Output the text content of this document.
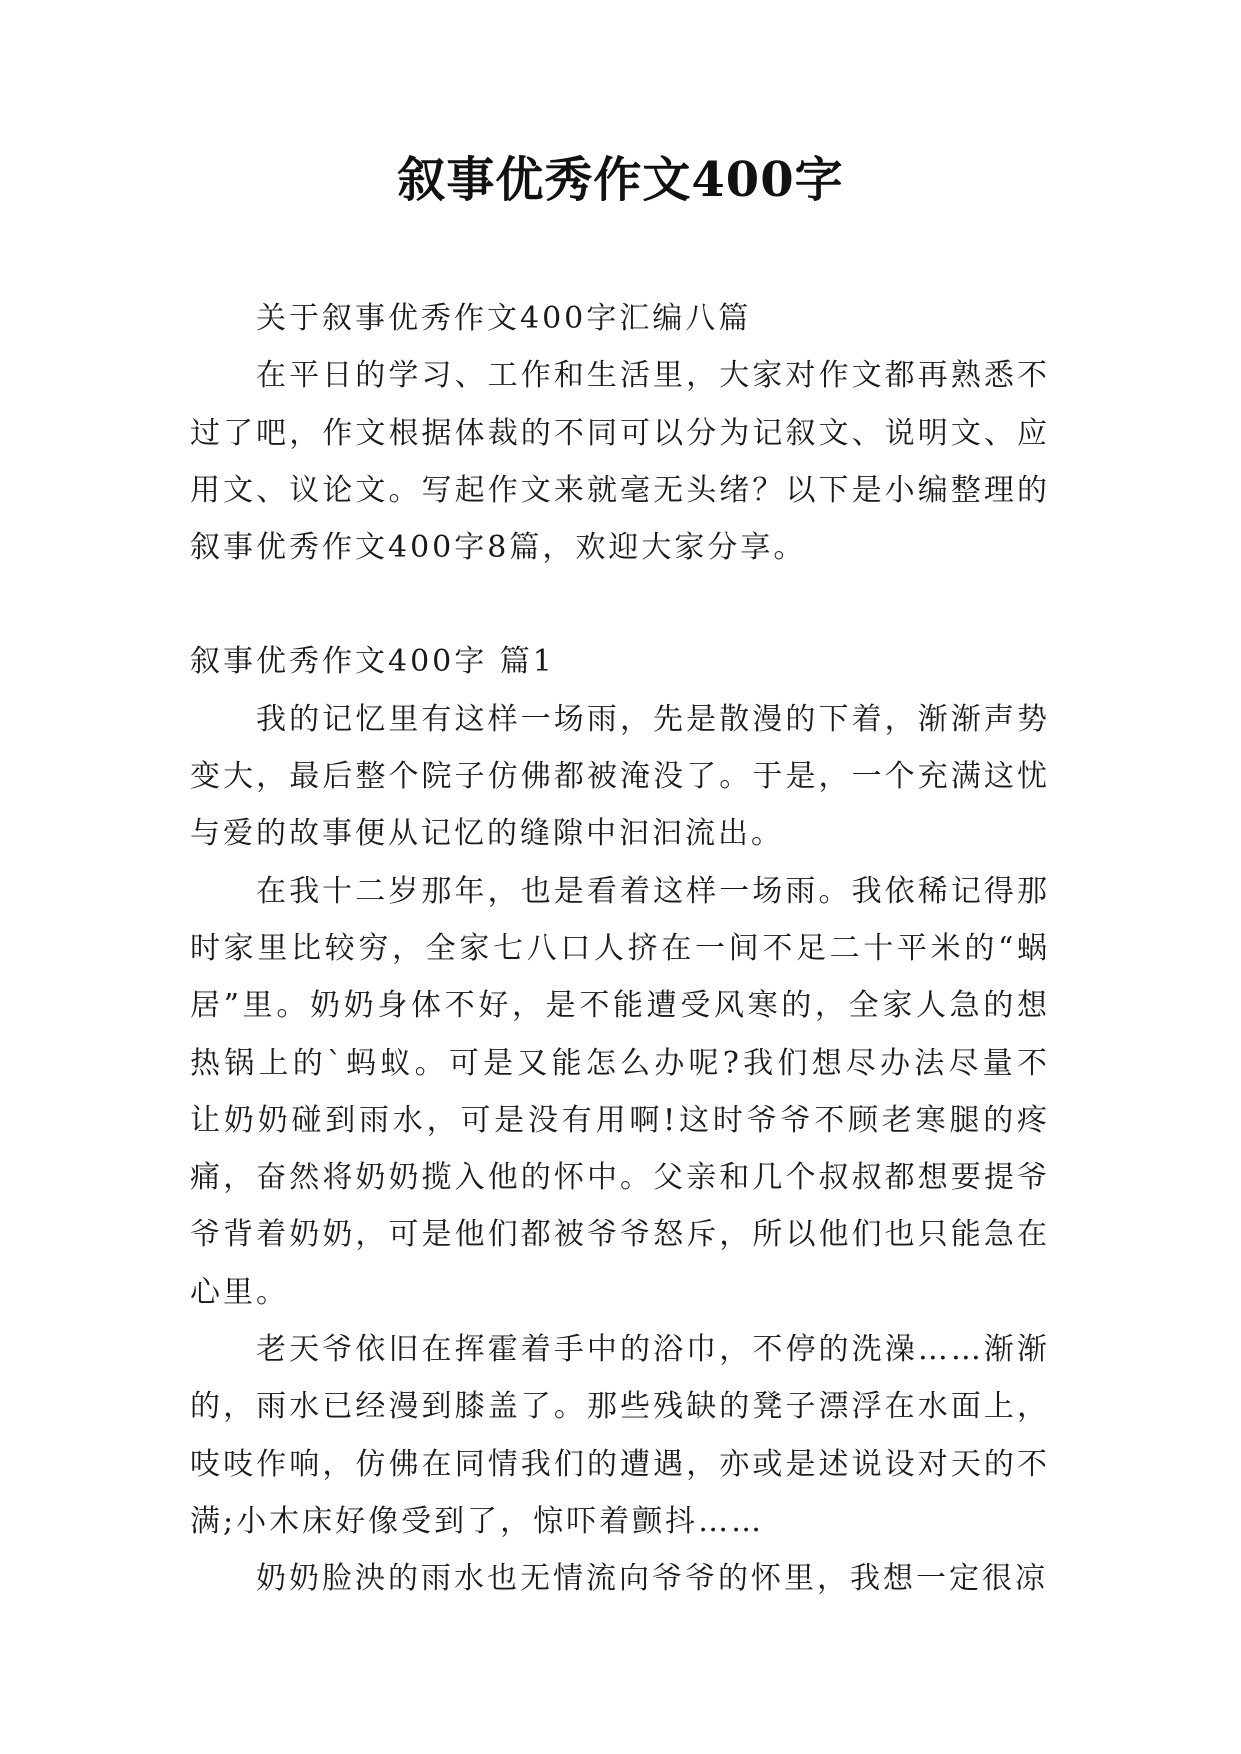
叙事优秀作文400字

关于叙事优秀作文400字汇编八篇

在平日的学习、工作和生活里，大家对作文都再熟悉不过了吧，作文根据体裁的不同可以分为记叙文、说明文、应用文、议论文。写起作文来就毫无头绪？以下是小编整理的叙事优秀作文400字8篇，欢迎大家分享。

叙事优秀作文400字 篇1

我的记忆里有这样一场雨，先是散漫的下着，渐渐声势变大，最后整个院子仿佛都被淹没了。于是，一个充满这忧与爱的故事便从记忆的缝隙中汩汩流出。

在我十二岁那年，也是看着这样一场雨。我依稀记得那时家里比较穷，全家七八口人挤在一间不足二十平米的“蜗居”里。奶奶身体不好，是不能遭受风寒的，全家人急的想热锅上的`蚂蚁。可是又能怎么办呢?我们想尽办法尽量不让奶奶碰到雨水，可是没有用啊!这时爷爷不顾老寒腿的疼痛，奋然将奶奶揽入他的怀中。父亲和几个叔叔都想要提爷爷背着奶奶，可是他们都被爷爷怒斥，所以他们也只能急在心里。

老天爷依旧在挥霍着手中的浴巾，不停的洗澡……渐渐的，雨水已经漫到膝盖了。那些残缺的凳子漂浮在水面上，吱吱作响，仿佛在同情我们的遭遇，亦或是述说设对天的不满;小木床好像受到了，惊吓着颤抖……

奶奶脸泱的雨水也无情流向爷爷的怀里，我想一定很凉
